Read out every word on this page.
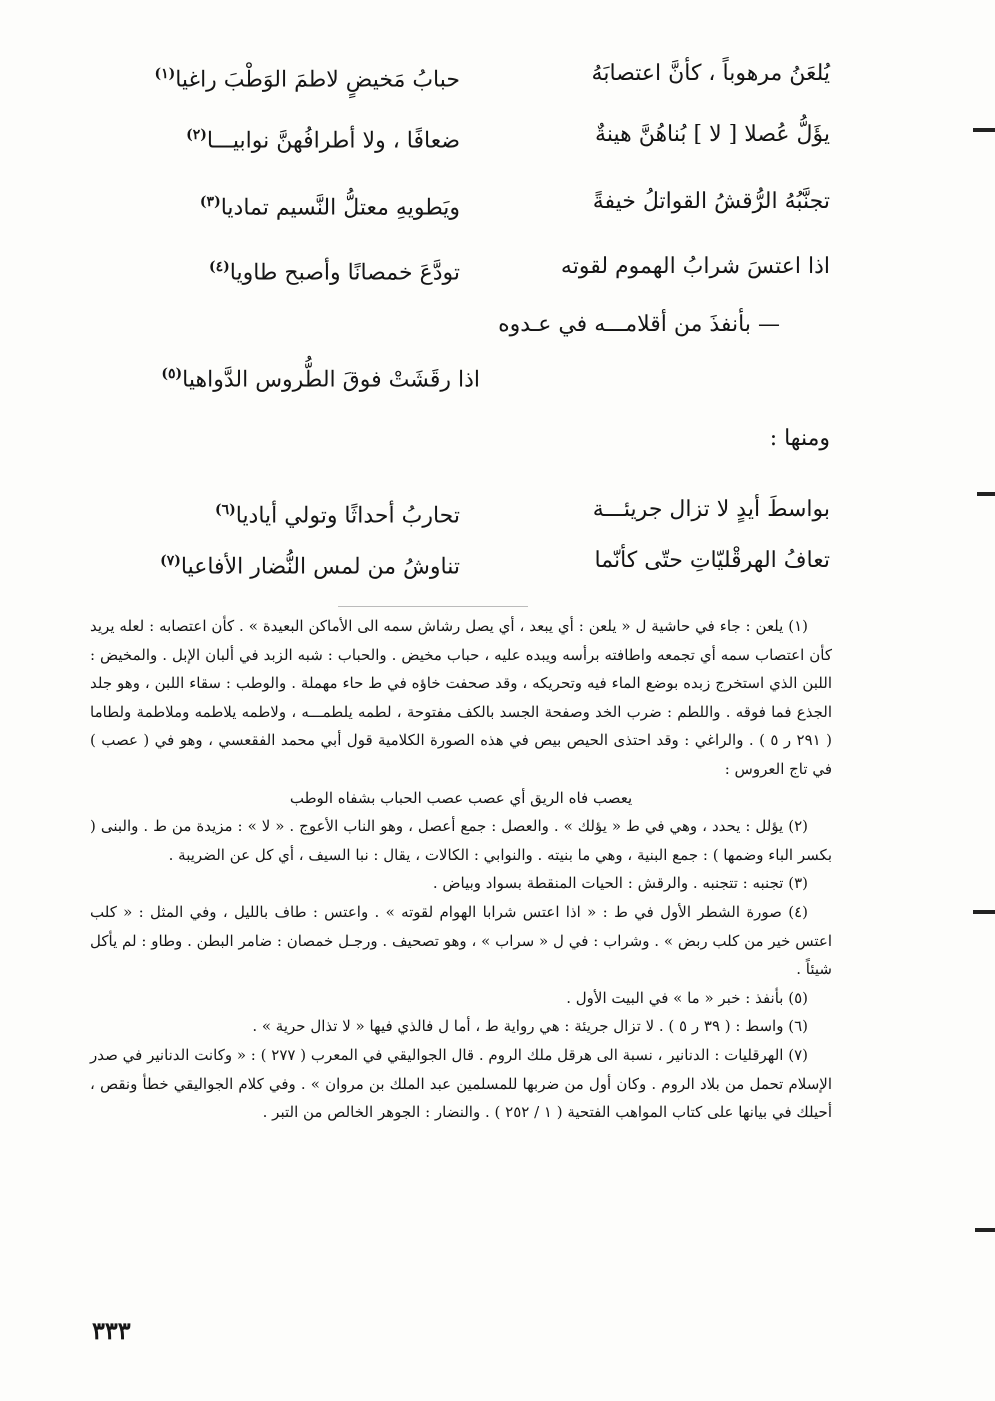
يُلعَنُ مرهوباً ، كأنَّ اعتصابَهُ
حبابُ مَخيضٍ لاطمَ الوَطْبَ راغيا$^{(١)}$
يؤَلُّ عُصلا [ لا ] بُناهُنَّ هينةٌ
ضعافًا ، ولا أطرافُهنَّ نوابيـــا$^{(٢)}$
تجنَّبُهُ الرُّقشُ القواتلُ خيفةً
ويَطويهِ معتلُّ النَّسيم تماديا$^{(٣)}$
اذا اعتسَ شرابُ الهموم لقوته
تودَّعَ خمصانًا وأصبح طاويا$^{(٤)}$
— بأنفذَ من أقلامـــه في عـدوه
اذا رقَشَتْ فوقَ الطُّروس الدَّواهيا$^{(٥)}$
ومنها :
بواسطَ أيدٍ لا تزال جريئـــة
تحاربُ أحداثًا وتولي أياديا$^{(٦)}$
تعافُ الهرقْليّاتِ حتّى كأنّما
تناوشُ من لمس النُّضار الأفاعيا$^{(٧)}$

(١) يلعن : جاء في حاشية ل « يلعن : أي يبعد ، أي يصل رشاش سمه الى الأماكن البعيدة » . كأن اعتصابه : لعله يريد كأن اعتصاب سمه أي تجمعه واطافته برأسه ويبده عليه ، حباب مخيض . والحباب : شبه الزبد في ألبان الإبل . والمخيض : اللبن الذي استخرج زبده بوضع الماء فيه وتحريكه ، وقد صحفت خاؤه في ط حاء مهملة . والوطب : سقاء اللبن ، وهو جلد الجذع فما فوقه . واللطم : ضرب الخد وصفحة الجسد بالكف مفتوحة ، لطمه يلطمـــه ، ولاطمه يلاطمه وملاطمة ولطاما ( ٢٩١ ر ٥ ) . والراغي : وقد احتذى الحيص بيص في هذه الصورة الكلامية قول أبي محمد الفقعسي ، وهو في ( عصب ) في تاج العروس :

يعصب فاه الريق أي عصب عصب الحباب بشفاه الوطب

(٢) يؤلل : يحدد ، وهي في ط « يؤلك » . والعصل : جمع أعصل ، وهو الناب الأعوج . « لا » : مزيدة من ط . والبنى ( بكسر الباء وضمها ) : جمع البنية ، وهي ما بنيته . والنوابي : الكالات ، يقال : نبا السيف ، أي كل عن الضريبة .

(٣) تجنبه : تتجنبه . والرقش : الحيات المنقطة بسواد وبياض .

(٤) صورة الشطر الأول في ط : « اذا اعتس شرابا الهوام لقوته » . واعتس : طاف بالليل ، وفي المثل : « كلب اعتس خير من كلب ربض » . وشراب : في ل « سراب » ، وهو تصحيف . ورجـل خمصان : ضامر البطن . وطاو : لم يأكل شيئاً .

(٥) بأنفذ : خبر « ما » في البيت الأول .

(٦) واسط : ( ٣٩ ر ٥ ) . لا تزال جريئة : هي رواية ط ، أما ل فالذي فيها « لا تذال حرية » .

(٧) الهرقليات : الدنانير ، نسبة الى هرقل ملك الروم . قال الجواليقي في المعرب ( ٢٧٧ ) : « وكانت الدنانير في صدر الإسلام تحمل من بلاد الروم . وكان أول من ضربها للمسلمين عبد الملك بن مروان » . وفي كلام الجواليقي خطأ ونقص ، أحيلك في بيانها على كتاب المواهب الفتحية ( ١ / ٢٥٢ ) . والنضار : الجوهر الخالص من التبر .

٣٣٣
